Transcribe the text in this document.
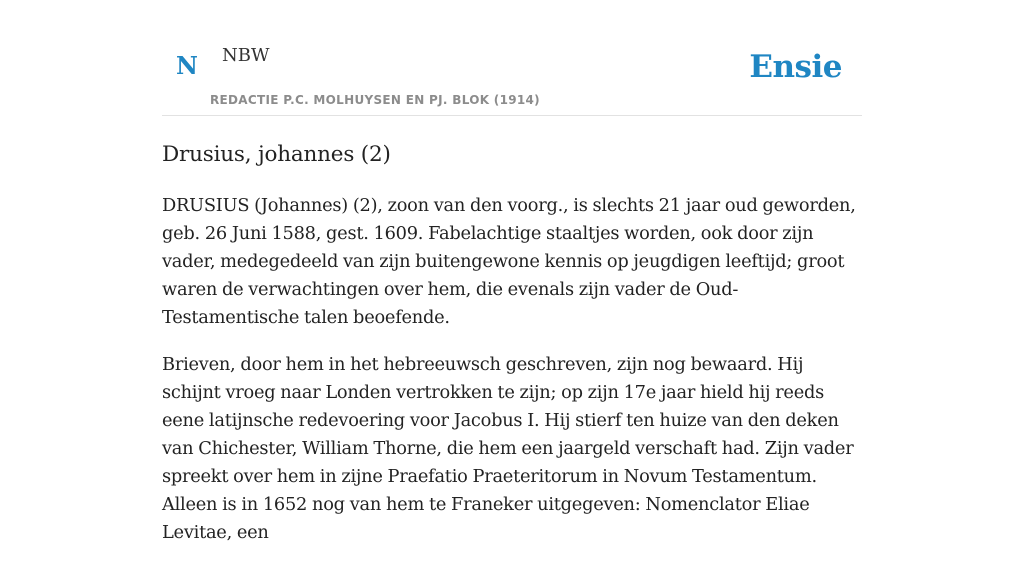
N NBW
REDACTIE P.C. MOLHUYSEN EN PJ. BLOK (1914)
Ensie
Drusius, johannes (2)

DRUSIUS (Johannes) (2), zoon van den voorg., is slechts 21 jaar oud geworden, geb. 26 Juni 1588, gest. 1609. Fabelachtige staaltjes worden, ook door zijn vader, medegedeeld van zijn buitengewone kennis op jeugdigen leeftijd; groot waren de verwachtingen over hem, die evenals zijn vader de Oud-Testamentische talen beoefende.

Brieven, door hem in het hebreeuwsch geschreven, zijn nog bewaard. Hij schijnt vroeg naar Londen vertrokken te zijn; op zijn 17e jaar hield hij reeds eene latijnsche redevoering voor Jacobus I. Hij stierf ten huize van den deken van Chichester, William Thorne, die hem een jaargeld verschaft had. Zijn vader spreekt over hem in zijne Praefatio Praeteritorum in Novum Testamentum. Alleen is in 1652 nog van hem te Franeker uitgegeven: Nomenclator Eliae Levitae, een
